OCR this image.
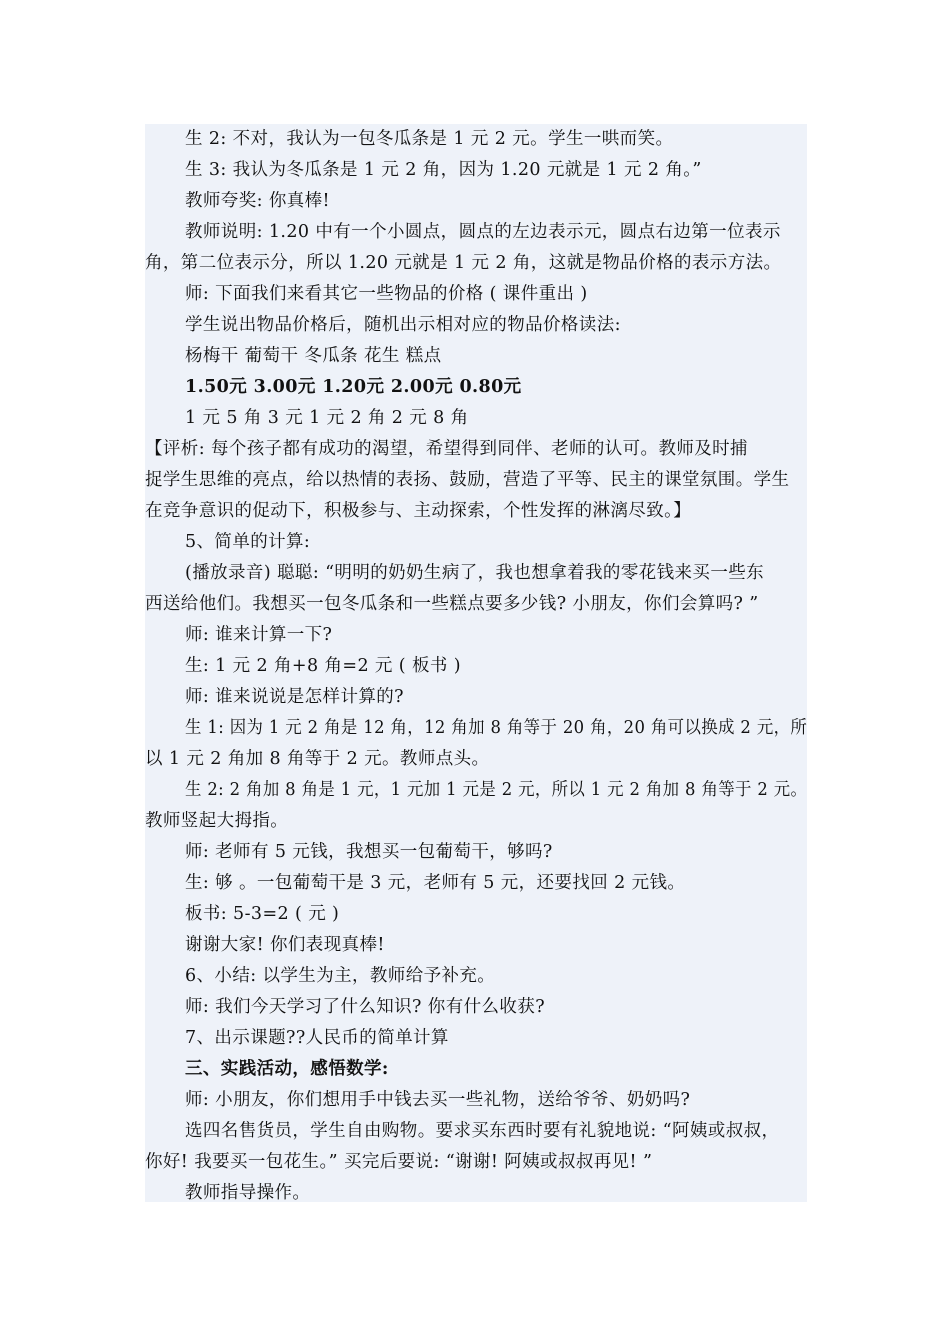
生 2: 不对，我认为一包冬瓜条是 1 元 2 元。学生一哄而笑。
生 3: 我认为冬瓜条是 1 元 2 角，因为 1.20 元就是 1 元 2 角。”
教师夸奖: 你真棒!
教师说明: 1.20 中有一个小圆点，圆点的左边表示元，圆点右边第一位表示
角，第二位表示分，所以 1.20 元就是 1 元 2 角，这就是物品价格的表示方法。
师: 下面我们来看其它一些物品的价格 ( 课件重出 )
学生说出物品价格后，随机出示相对应的物品价格读法:
杨梅干 葡萄干 冬瓜条 花生 糕点
1.50元 3.00元 1.20元 2.00元 0.80元
1 元 5 角 3 元 1 元 2 角 2 元 8 角
【评析: 每个孩子都有成功的渴望，希望得到同伴、老师的认可。教师及时捕
捉学生思维的亮点，给以热情的表扬、鼓励，营造了平等、民主的课堂氛围。学生
在竞争意识的促动下，积极参与、主动探索，个性发挥的淋漓尽致。】
5、简单的计算:
(播放录音) 聪聪: “明明的奶奶生病了，我也想拿着我的零花钱来买一些东
西送给他们。我想买一包冬瓜条和一些糕点要多少钱? 小朋友，你们会算吗? ”
师: 谁来计算一下?
生: 1 元 2 角+8 角=2 元 ( 板书 )
师: 谁来说说是怎样计算的?
生 1: 因为 1 元 2 角是 12 角，12 角加 8 角等于 20 角，20 角可以换成 2 元，所
以 1 元 2 角加 8 角等于 2 元。教师点头。
生 2: 2 角加 8 角是 1 元，1 元加 1 元是 2 元，所以 1 元 2 角加 8 角等于 2 元。
教师竖起大拇指。
师: 老师有 5 元钱，我想买一包葡萄干，够吗?
生: 够 。一包葡萄干是 3 元，老师有 5 元，还要找回 2 元钱。
板书: 5-3=2 ( 元 )
谢谢大家! 你们表现真棒!
6、小结: 以学生为主，教师给予补充。
师: 我们今天学习了什么知识? 你有什么收获?
7、出示课题??人民币的简单计算
三、实践活动，感悟数学:
师: 小朋友，你们想用手中钱去买一些礼物，送给爷爷、奶奶吗?
选四名售货员，学生自由购物。要求买东西时要有礼貌地说: “阿姨或叔叔，
你好! 我要买一包花生。” 买完后要说: “谢谢! 阿姨或叔叔再见! ”
教师指导操作。
